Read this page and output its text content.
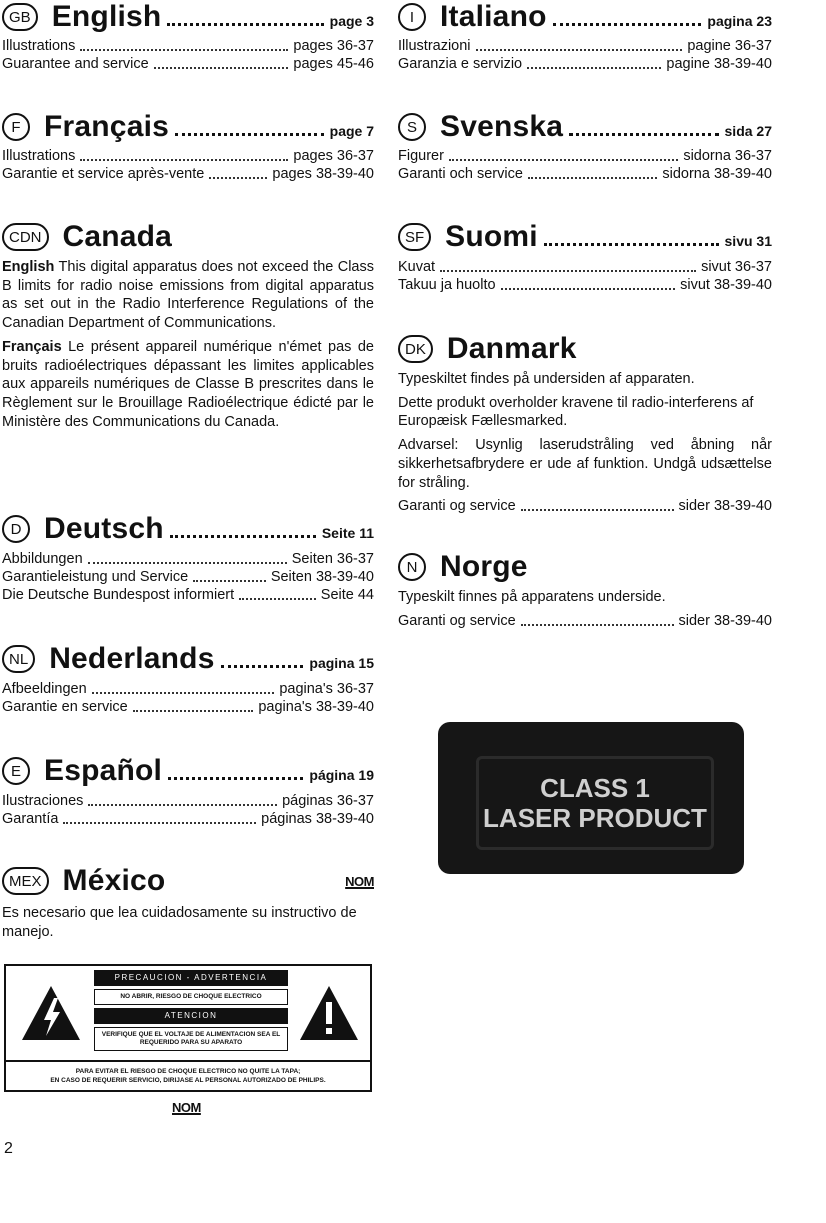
GB English	page 3
Illustrations	pages 36-37
Guarantee and service	pages 45-46
F Français	page 7
Illustrations	pages 36-37
Garantie et service après-vente	pages 38-39-40
CDN Canada

English This digital apparatus does not exceed the Class B limits for radio noise emissions from digital apparatus as set out in the Radio Interference Regulations of the Canadian Department of Communications.

Français Le présent appareil numérique n'émet pas de bruits radioélectriques dépassant les limites applicables aux appareils numériques de Classe B prescrites dans le Règlement sur le Brouillage Radioélectrique édicté par le Ministère des Communications du Canada.

D Deutsch	Seite 11
Abbildungen	Seiten 36-37
Garantieleistung und Service	Seiten 38-39-40
Die Deutsche Bundespost informiert	Seite 44
NL Nederlands	pagina 15
Afbeeldingen	pagina's 36-37
Garantie en service	pagina's 38-39-40
E Español	página 19
Ilustraciones	páginas 36-37
Garantía	páginas 38-39-40
MEX México	NOM

Es necesario que lea cuidadosamente su instructivo de manejo.

PRECAUCION - ADVERTENCIA
NO ABRIR, RIESGO DE CHOQUE ELECTRICO
ATENCION
VERIFIQUE QUE EL VOLTAJE DE ALIMENTACION SEA EL REQUERIDO PARA SU APARATO
PARA EVITAR EL RIESGO DE CHOQUE ELECTRICO NO QUITE LA TAPA;
EN CASO DE REQUERIR SERVICIO, DIRIJASE AL PERSONAL AUTORIZADO DE PHILIPS.
NOM
I Italiano	pagina 23
Illustrazioni	pagine 36-37
Garanzia e servizio	pagine 38-39-40
S Svenska	sida 27
Figurer	sidorna 36-37
Garanti och service	sidorna 38-39-40
SF Suomi	sivu 31
Kuvat	sivut 36-37
Takuu ja huolto	sivut 38-39-40
DK Danmark

Typeskiltet findes på undersiden af apparaten.

Dette produkt overholder kravene til radio-interferens af Europæisk Fællesmarked.

Advarsel: Usynlig laserudstråling ved åbning når sikkerhetsafbrydere er ude af funktion. Undgå udsættelse for stråling.

Garanti og service	sider 38-39-40
N Norge

Typeskilt finnes på apparatens underside.

Garanti og service	sider 38-39-40
CLASS 1
LASER PRODUCT
2
